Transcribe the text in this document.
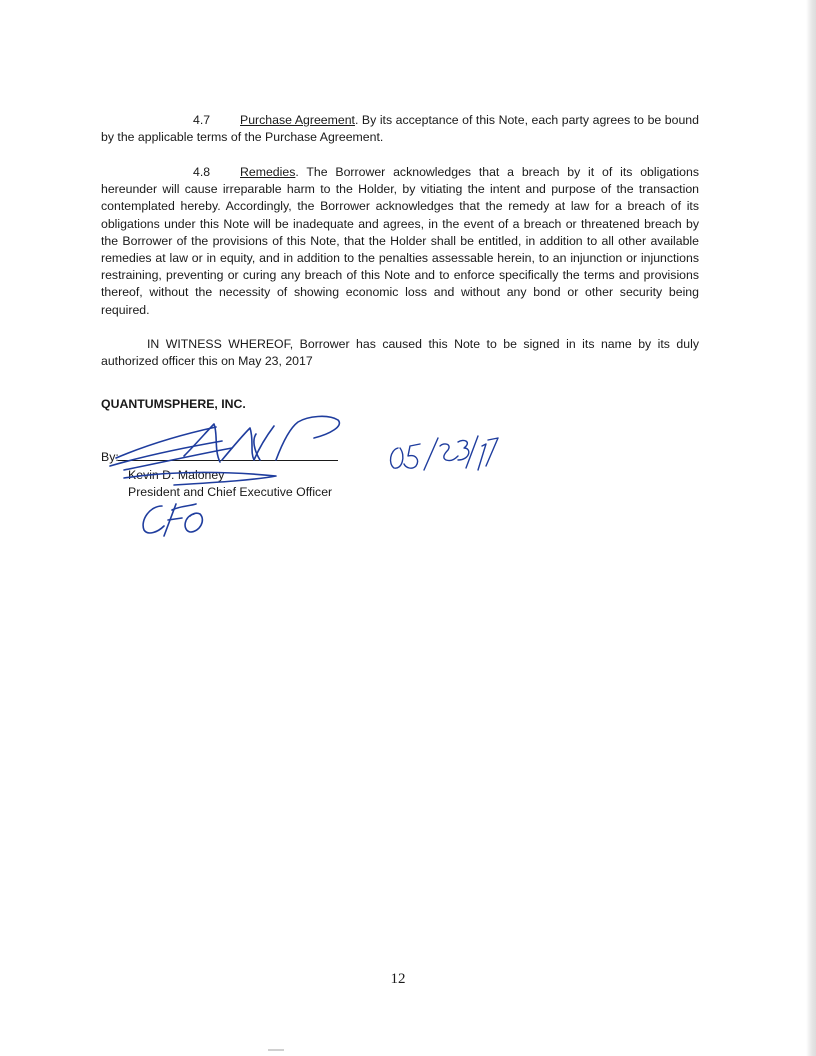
4.7 Purchase Agreement. By its acceptance of this Note, each party agrees to be bound by the applicable terms of the Purchase Agreement.

4.8 Remedies. The Borrower acknowledges that a breach by it of its obligations hereunder will cause irreparable harm to the Holder, by vitiating the intent and purpose of the transaction contemplated hereby. Accordingly, the Borrower acknowledges that the remedy at law for a breach of its obligations under this Note will be inadequate and agrees, in the event of a breach or threatened breach by the Borrower of the provisions of this Note, that the Holder shall be entitled, in addition to all other available remedies at law or in equity, and in addition to the penalties assessable herein, to an injunction or injunctions restraining, preventing or curing any breach of this Note and to enforce specifically the terms and provisions thereof, without the necessity of showing economic loss and without any bond or other security being required.

IN WITNESS WHEREOF, Borrower has caused this Note to be signed in its name by its duly authorized officer this on May 23, 2017

QUANTUMSPHERE, INC.
By:
Kevin D. Maloney
President and Chief Executive Officer
12
